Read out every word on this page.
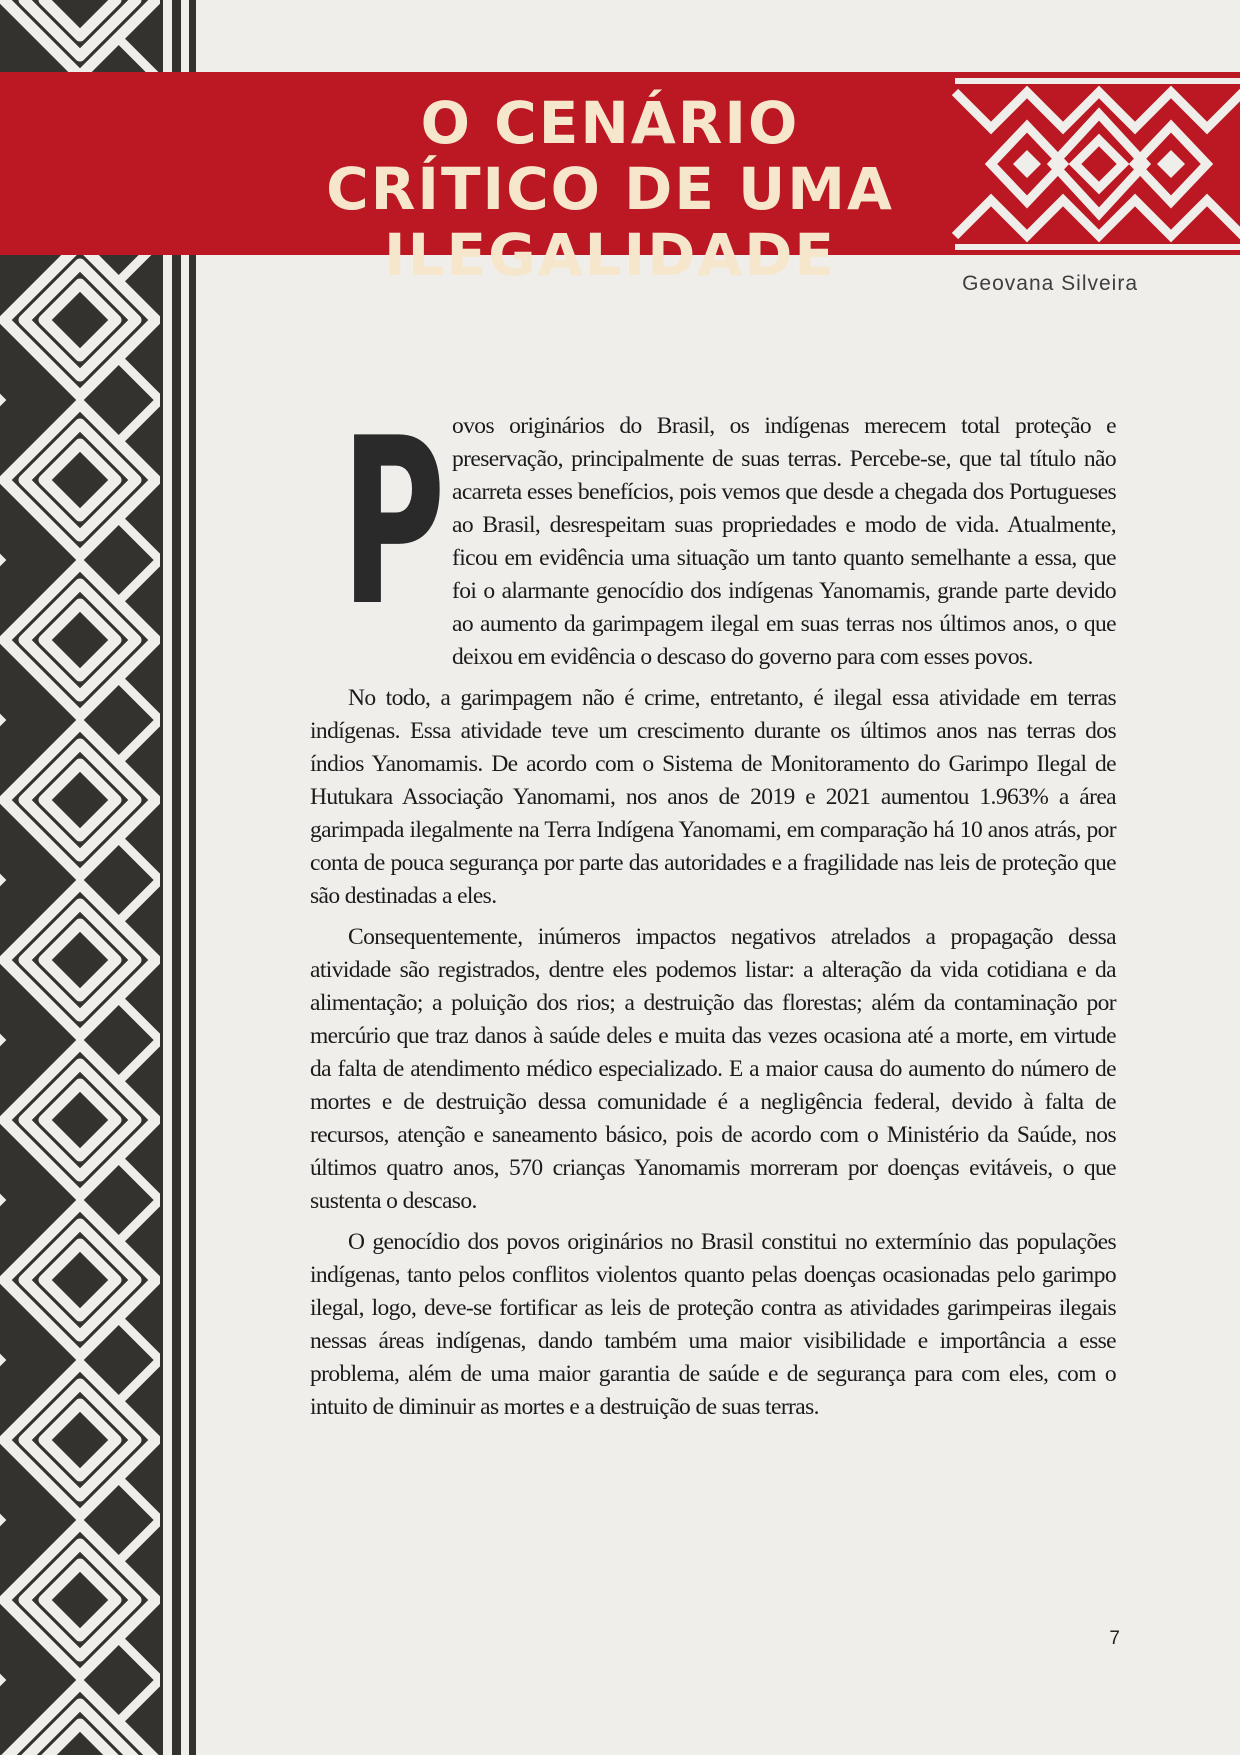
O CENÁRIO CRÍTICO DE UMA ILEGALIDADE	Geovana Silveira

P ovos originários do Brasil, os indígenas merecem total proteção e preservação, principalmente de suas terras. Percebe-se, que tal título não acarreta esses benefícios, pois vemos que desde a chegada dos Portugueses ao Brasil, desrespeitam suas propriedades e modo de vida. Atualmente, ficou em evidência uma situação um tanto quanto semelhante a essa, que foi o alarmante genocídio dos indígenas Yanomamis, grande parte devido ao aumento da garimpagem ilegal em suas terras nos últimos anos, o que deixou em evidência o descaso do governo para com esses povos.

No todo, a garimpagem não é crime, entretanto, é ilegal essa atividade em terras indígenas. Essa atividade teve um crescimento durante os últimos anos nas terras dos índios Yanomamis. De acordo com o Sistema de Monitoramento do Garimpo Ilegal de Hutukara Associação Yanomami, nos anos de 2019 e 2021 aumentou 1.963% a área garimpada ilegalmente na Terra Indígena Yanomami, em comparação há 10 anos atrás, por conta de pouca segurança por parte das autoridades e a fragilidade nas leis de proteção que são destinadas a eles.

Consequentemente, inúmeros impactos negativos atrelados a propagação dessa atividade são registrados, dentre eles podemos listar: a alteração da vida cotidiana e da alimentação; a poluição dos rios; a destruição das florestas; além da contaminação por mercúrio que traz danos à saúde deles e muita das vezes ocasiona até a morte, em virtude da falta de atendimento médico especializado. E a maior causa do aumento do número de mortes e de destruição dessa comunidade é a negligência federal, devido à falta de recursos, atenção e saneamento básico, pois de acordo com o Ministério da Saúde, nos últimos quatro anos, 570 crianças Yanomamis morreram por doenças evitáveis, o que sustenta o descaso.

O genocídio dos povos originários no Brasil constitui no extermínio das populações indígenas, tanto pelos conflitos violentos quanto pelas doenças ocasionadas pelo garimpo ilegal, logo, deve-se fortificar as leis de proteção contra as atividades garimpeiras ilegais nessas áreas indígenas, dando também uma maior visibilidade e importância a esse problema, além de uma maior garantia de saúde e de segurança para com eles, com o intuito de diminuir as mortes e a destruição de suas terras.

7
